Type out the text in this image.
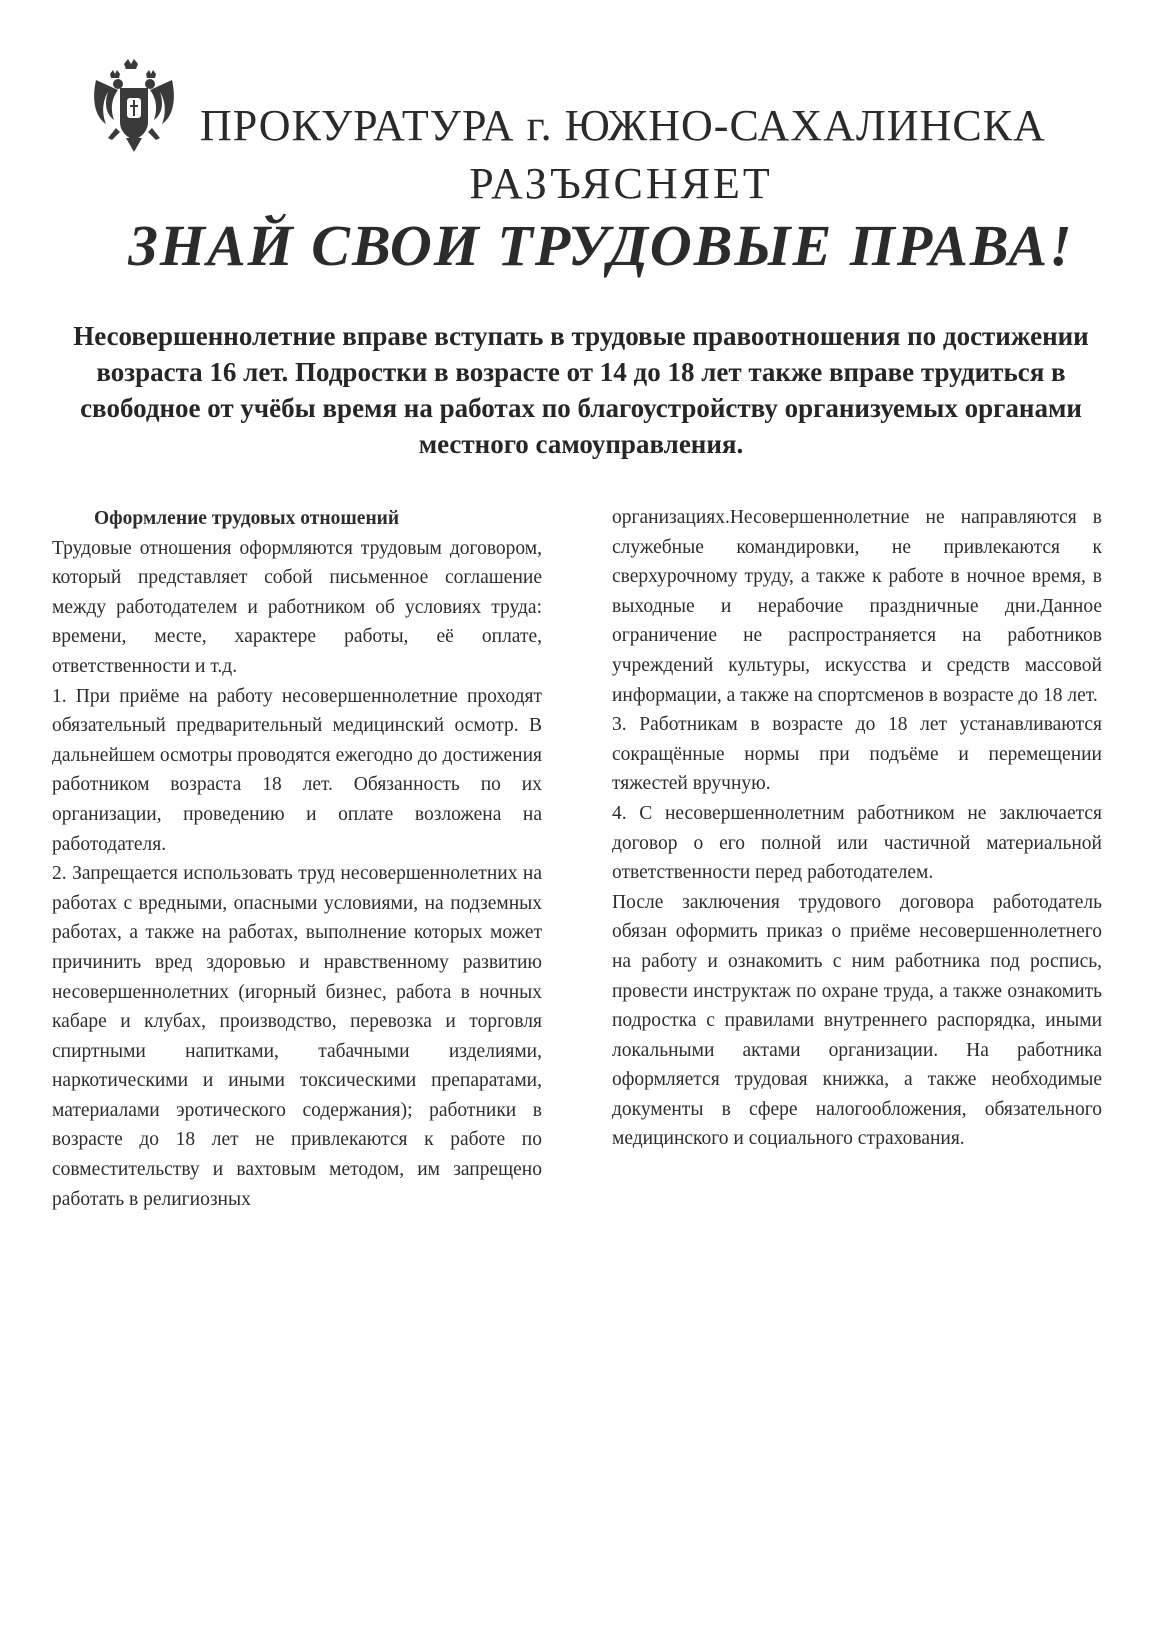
ПРОКУРАТУРА г. ЮЖНО-САХАЛИНСКА
РАЗЪЯСНЯЕТ
ЗНАЙ СВОИ ТРУДОВЫЕ ПРАВА!
Несовершеннолетние вправе вступать в трудовые правоотношения по достижении возраста 16 лет. Подростки в возрасте от 14 до 18 лет также вправе трудиться в свободное от учёбы время на работах по благоустройству организуемых органами местного самоуправления.

Оформление трудовых отношений

Трудовые отношения оформляются трудовым договором, который представляет собой письменное соглашение между работодателем и работником об условиях труда: времени, месте, характере работы, её оплате, ответственности и т.д.

1. При приёме на работу несовершеннолетние проходят обязательный предварительный медицинский осмотр. В дальнейшем осмотры проводятся ежегодно до достижения работником возраста 18 лет. Обязанность по их организации, проведению и оплате возложена на работодателя.

2. Запрещается использовать труд несовершеннолетних на работах с вредными, опасными условиями, на подземных работах, а также на работах, выполнение которых может причинить вред здоровью и нравственному развитию несовершеннолетних (игорный бизнес, работа в ночных кабаре и клубах, производство, перевозка и торговля спиртными напитками, табачными изделиями, наркотическими и иными токсическими препаратами, материалами эротического содержания); работники в возрасте до 18 лет не привлекаются к работе по совместительству и вахтовым методом, им запрещено работать в религиозных

организациях.Несовершеннолетние не направляются в служебные командировки, не привлекаются к сверхурочному труду, а также к работе в ночное время, в выходные и нерабочие праздничные дни.Данное ограничение не распространяется на работников учреждений культуры, искусства и средств массовой информации, а также на спортсменов в возрасте до 18 лет.

3. Работникам в возрасте до 18 лет устанавливаются сокращённые нормы при подъёме и перемещении тяжестей вручную.

4. С несовершеннолетним работником не заключается договор о его полной или частичной материальной ответственности перед работодателем.

После заключения трудового договора работодатель обязан оформить приказ о приёме несовершеннолетнего на работу и ознакомить с ним работника под роспись, провести инструктаж по охране труда, а также ознакомить подростка с правилами внутреннего распорядка, иными локальными актами организации. На работника оформляется трудовая книжка, а также необходимые документы в сфере налогообложения, обязательного медицинского и социального страхования.
